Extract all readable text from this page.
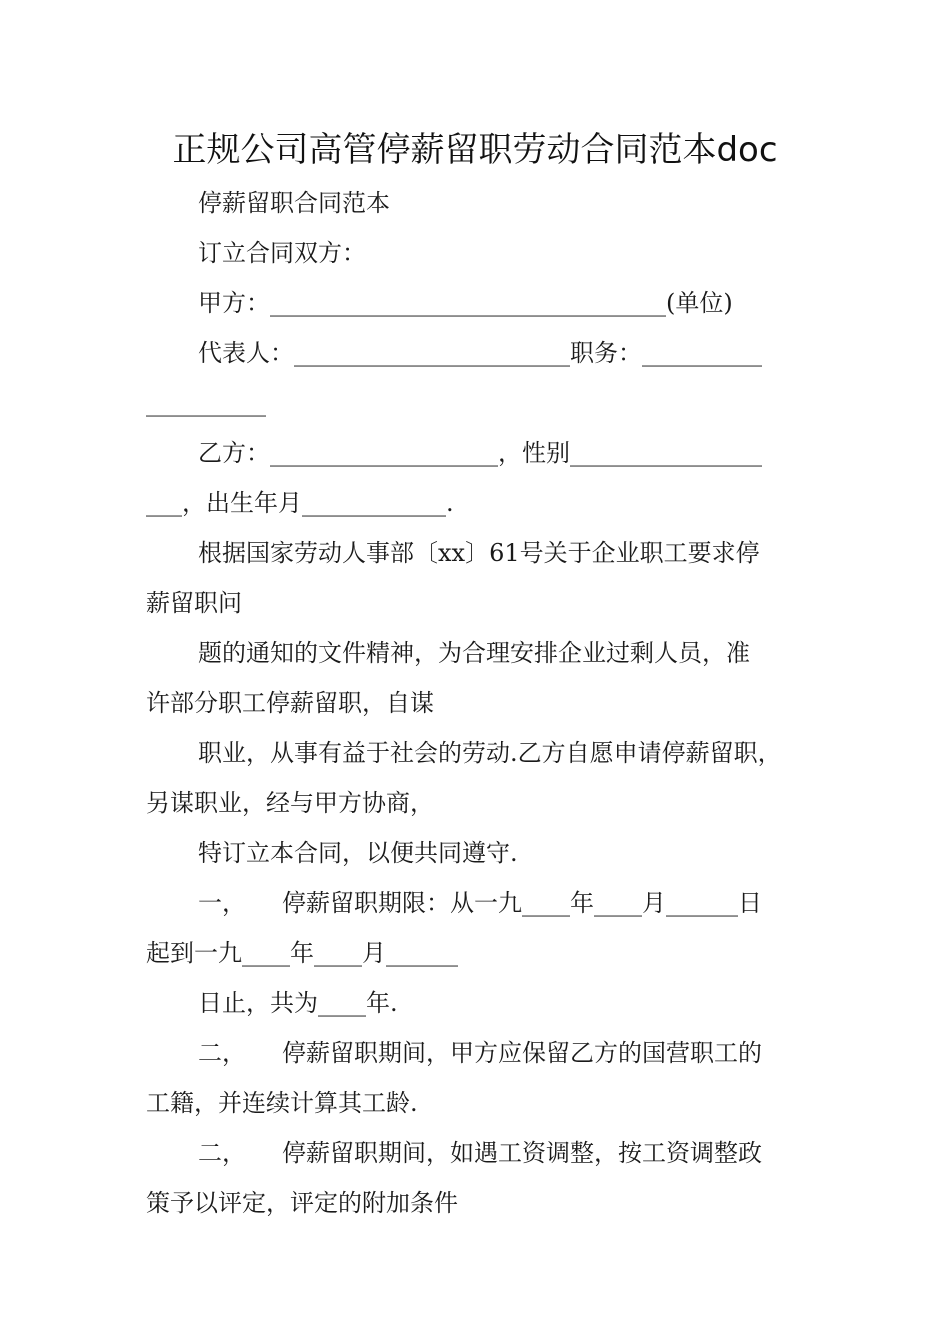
正规公司高管停薪留职劳动合同范本doc

停薪留职合同范本

订立合同双方：

甲方：_________________________________(单位)

代表人：_______________________职务：__________

__________

乙方：___________________，性别________________

___，出生年月____________.

根据国家劳动人事部〔xx〕61号关于企业职工要求停

薪留职问

题的通知的文件精神，为合理安排企业过剩人员，准

许部分职工停薪留职，自谋

职业，从事有益于社会的劳动.乙方自愿申请停薪留职，

另谋职业，经与甲方协商，

特订立本合同，以便共同遵守.

一，　　停薪留职期限：从一九____年____月______日

起到一九____年____月______

日止，共为____年.

二，　　停薪留职期间，甲方应保留乙方的国营职工的

工籍，并连续计算其工龄.

二，　　停薪留职期间，如遇工资调整，按工资调整政

策予以评定，评定的附加条件
